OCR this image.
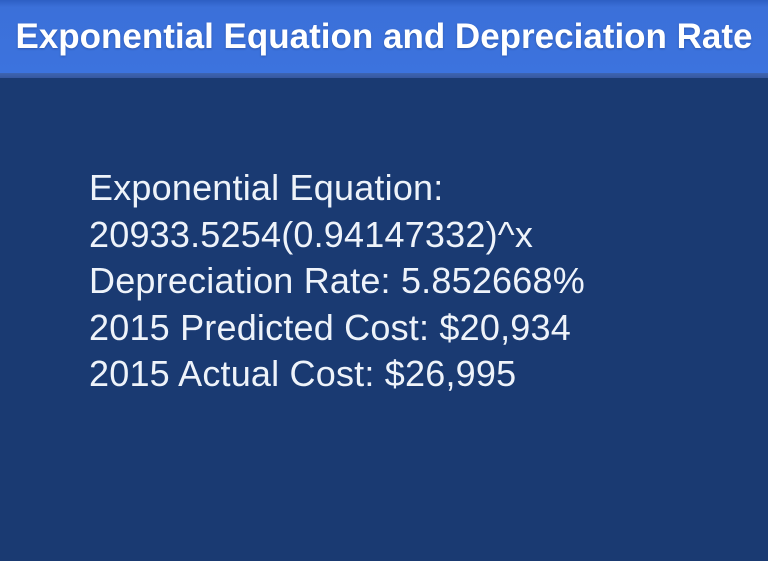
Exponential Equation and Depreciation Rate

Exponential Equation:

20933.5254(0.94147332)^x

Depreciation Rate: 5.852668%

2015 Predicted Cost: $20,934

2015 Actual Cost: $26,995
